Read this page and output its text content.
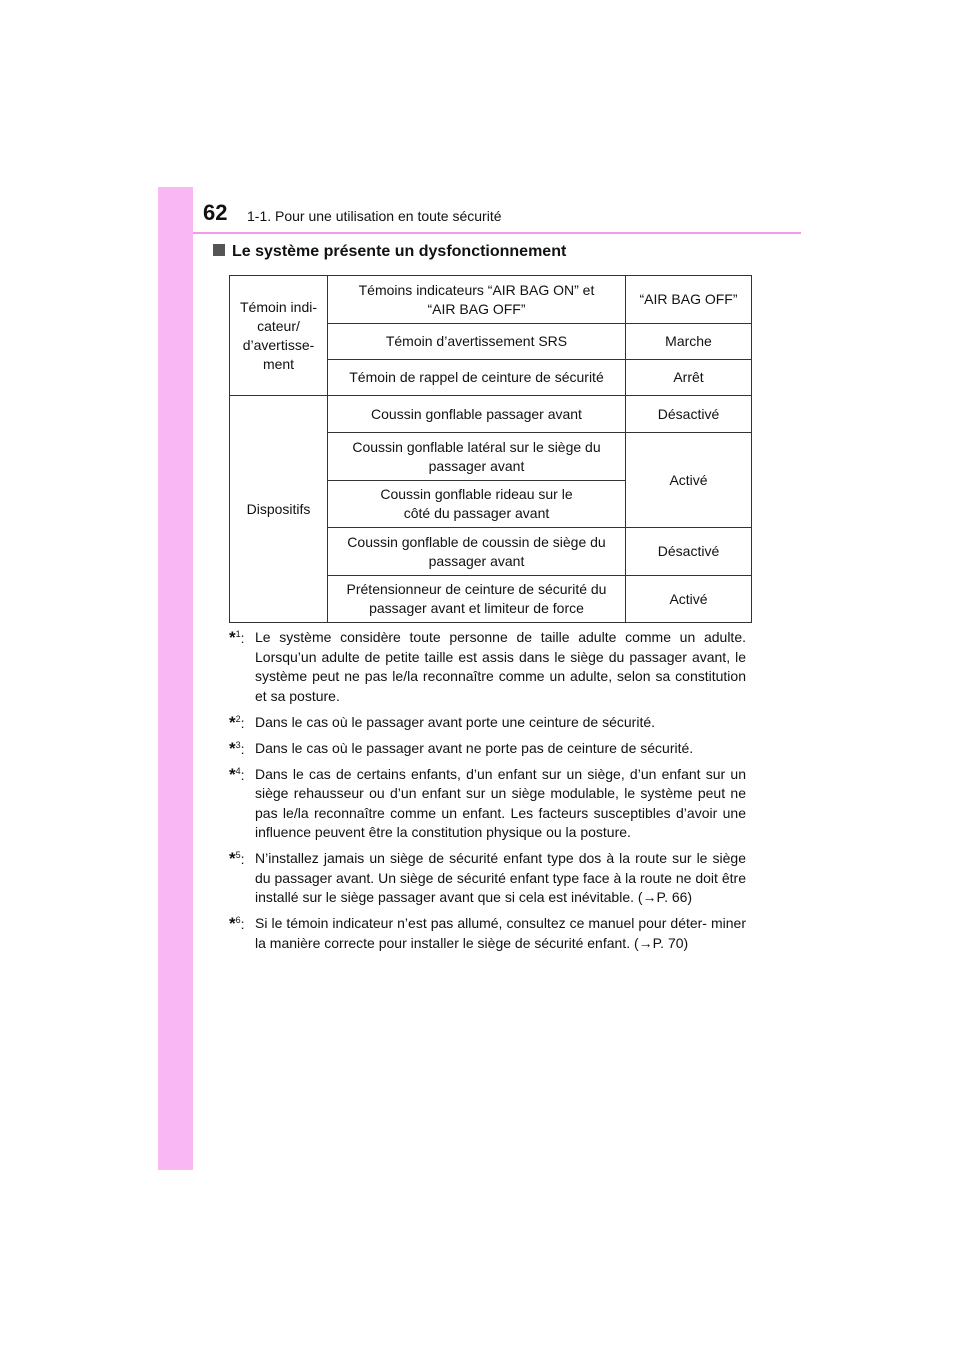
62 1-1. Pour une utilisation en toute sécurité
Le système présente un dysfonctionnement
Témoin indi- cateur/ d’avertisse- ment	Témoins indicateurs “AIR BAG ON” et “AIR BAG OFF”	“AIR BAG OFF”
	Témoin d’avertissement SRS	Marche
	Témoin de rappel de ceinture de sécurité	Arrêt
Dispositifs	Coussin gonflable passager avant	Désactivé
	Coussin gonflable latéral sur le siège du passager avant	Activé
	Coussin gonflable rideau sur le côté du passager avant	
	Coussin gonflable de coussin de siège du passager avant	Désactivé
	Prétensionneur de ceinture de sécurité du passager avant et limiteur de force	Activé
*$^1$: Le système considère toute personne de taille adulte comme un adulte. Lorsqu’un adulte de petite taille est assis dans le siège du passager avant, le système peut ne pas le/la reconnaître comme un adulte, selon sa constitution et sa posture.
*$^2$: Dans le cas où le passager avant porte une ceinture de sécurité.
*$^3$: Dans le cas où le passager avant ne porte pas de ceinture de sécurité.
*$^4$: Dans le cas de certains enfants, d’un enfant sur un siège, d’un enfant sur un siège rehausseur ou d’un enfant sur un siège modulable, le système peut ne pas le/la reconnaître comme un enfant. Les facteurs susceptibles d’avoir une influence peuvent être la constitution physique ou la posture.
*$^5$: N’installez jamais un siège de sécurité enfant type dos à la route sur le siège du passager avant. Un siège de sécurité enfant type face à la route ne doit être installé sur le siège passager avant que si cela est inévitable. (→P. 66)
*$^6$: Si le témoin indicateur n’est pas allumé, consultez ce manuel pour déter- miner la manière correcte pour installer le siège de sécurité enfant. (→P. 70)
